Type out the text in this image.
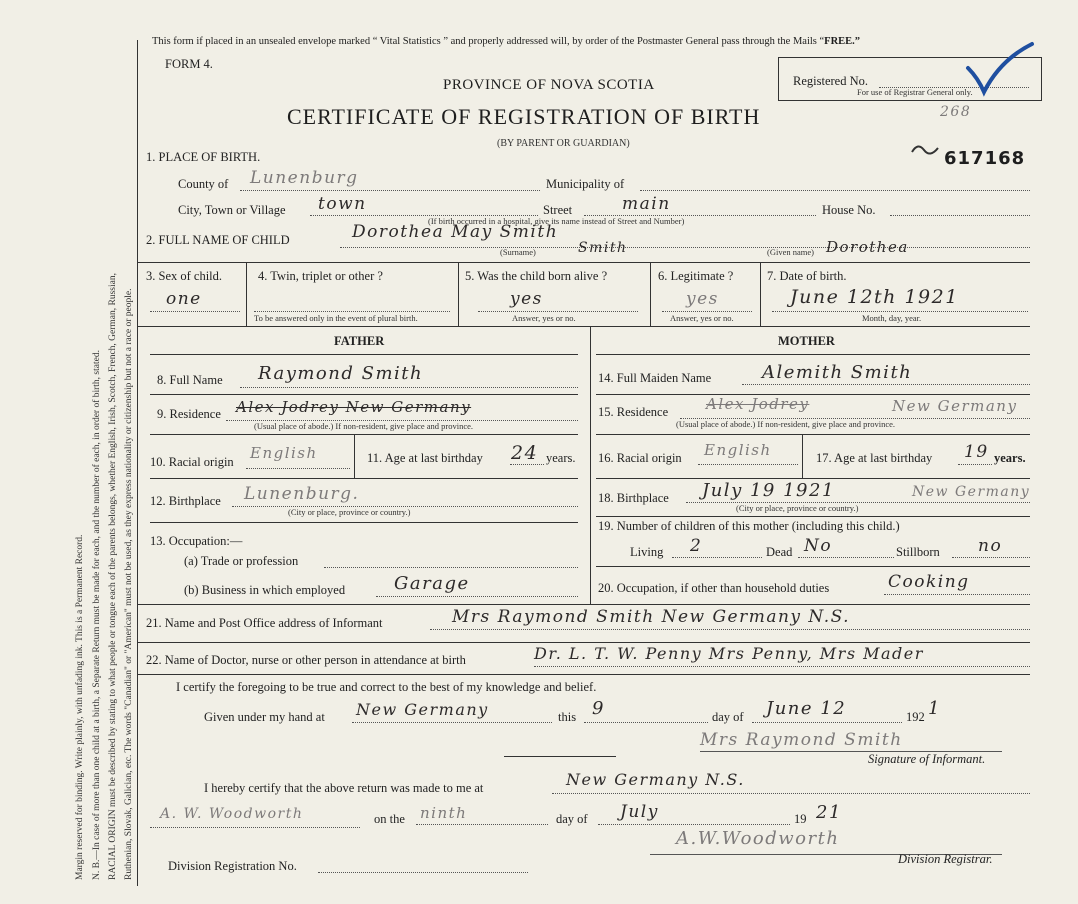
Margin reserved for binding. Write plainly, with unfading ink. This is a Permanent Record. N. B.—In case of more than one child at a birth, a Separate Return must be made for each, and the number of each, in order of birth, stated. RACIAL ORIGIN must be described by stating to what people or tongue each of the parents belongs, whether English, Irish, Scotch, French, German, Russian, Ruthenian, Slovak, Galician, etc. The words "Canadian" or "American" must not be used, as they express nationality or citizenship but not a race or people.
This form if placed in an unsealed envelope marked “ Vital Statistics ” and properly addressed will, by order of the Postmaster General pass through the Mails “FREE.”
FORM 4.
PROVINCE OF NOVA SCOTIA
CERTIFICATE OF REGISTRATION OF BIRTH
(BY PARENT OR GUARDIAN)
Registered No.
For use of Registrar General only.
268
617168
1. PLACE OF BIRTH.
County of Lunenburg	Municipality of
City, Town or Village town	Street	main	House No.
(If birth occurred in a hospital, give its name instead of Street and Number)
2. FULL NAME OF CHILD	Dorothea May Smith
Smith
(Surname)	(Given name) Dorothea
3. Sex of child.
one
4. Twin, triplet or other ?
To be answered only in the event of plural birth.
5. Was the child born alive ?
yes
Answer, yes or no.
6. Legitimate ?
yes
Answer, yes or no.
7. Date of birth.
June 12th 1921
Month, day, year.
FATHER	MOTHER
8. Full Name Raymond Smith
9. Residence Alex Jodrey New Germany
(Usual place of abode.) If non-resident, give place and province.
10. Racial origin English	11. Age at last birthday 24 years.
12. Birthplace Lunenburg.
(City or place, province or country.)
13. Occupation:—
(a) Trade or profession
(b) Business in which employed	Garage
14. Full Maiden Name	Alemith Smith
15. Residence	Alex Jodrey	New Germany
(Usual place of abode.) If non-resident, give place and province.
16. Racial origin English	17. Age at last birthday 19 years.
18. Birthplace July 19 1921	New Germany
(City or place, province or country.)
19. Number of children of this mother (including this child.)
Living 2	Dead No	Stillborn no
20. Occupation, if other than household duties	Cooking
21. Name and Post Office address of Informant	Mrs Raymond Smith New Germany N.S.
22. Name of Doctor, nurse or other person in attendance at birth	Dr. L. T. W. Penny Mrs Penny, Mrs Mader
I certify the foregoing to be true and correct to the best of my knowledge and belief.
Given under my hand at New Germany	this 9	day of June 12	192 1
Mrs Raymond Smith
Signature of Informant.
I hereby certify that the above return was made to me at	New Germany N.S.
A. W. Woodworth	on the ninth	day of July	19 21
A.W.Woodworth
Division Registrar.
Division Registration No.
